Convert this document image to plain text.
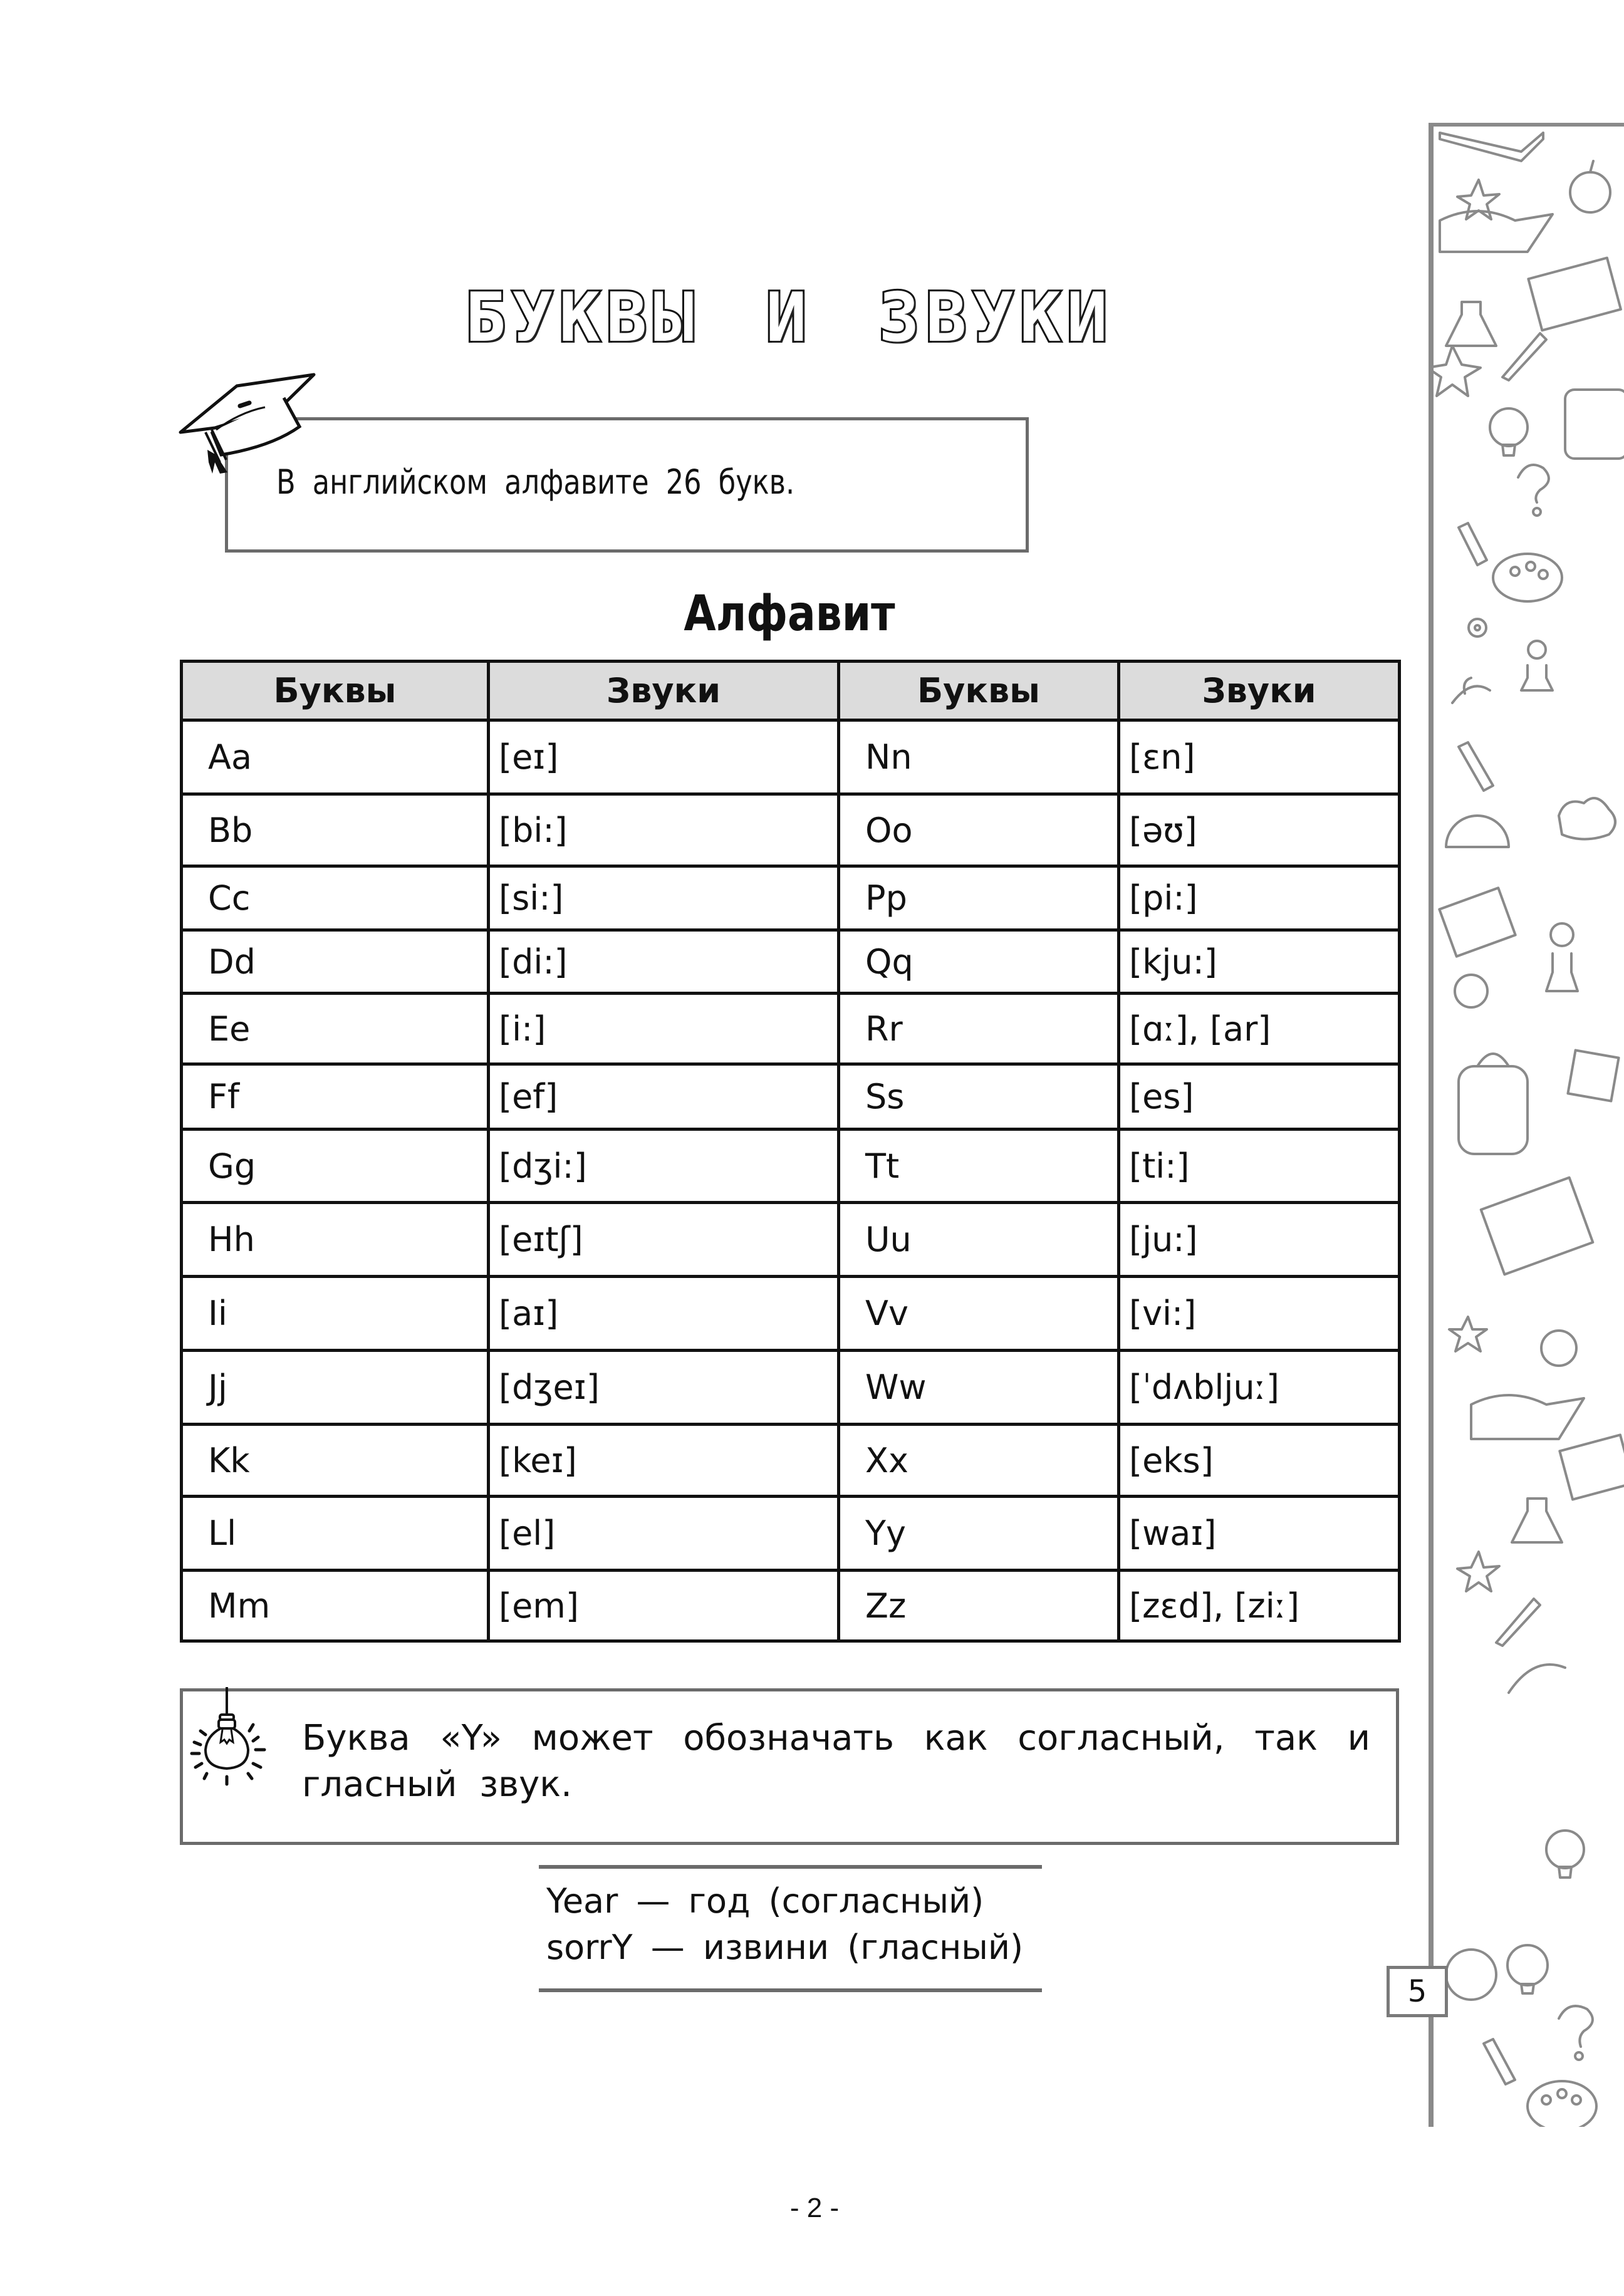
БУКВЫ И ЗВУКИ
В английском алфавите 26 букв.
Алфавит
Буквы	Звуки	Буквы	Звуки
Aa	[eɪ]	Nn	[ɛn]
Bb	[bi:]	Oo	[əʊ]
Cc	[si:]	Pp	[pi:]
Dd	[di:]	Qq	[kju:]
Ee	[i:]	Rr	[ɑː], [ar]
Ff	[ef]	Ss	[es]
Gg	[dʒi:]	Tt	[ti:]
Hh	[eɪtʃ]	Uu	[ju:]
Ii	[aɪ]	Vv	[vi:]
Jj	[dʒeɪ]	Ww	[ˈdʌbljuː]
Kk	[keɪ]	Xx	[eks]
Ll	[el]	Yy	[waɪ]
Mm	[em]	Zz	[zɛd], [ziː]
Буква «Y» может обозначать как согласный, так и гласный звук.
Year — год (согласный)
sorrY — извини (гласный)
5
- 2 -
